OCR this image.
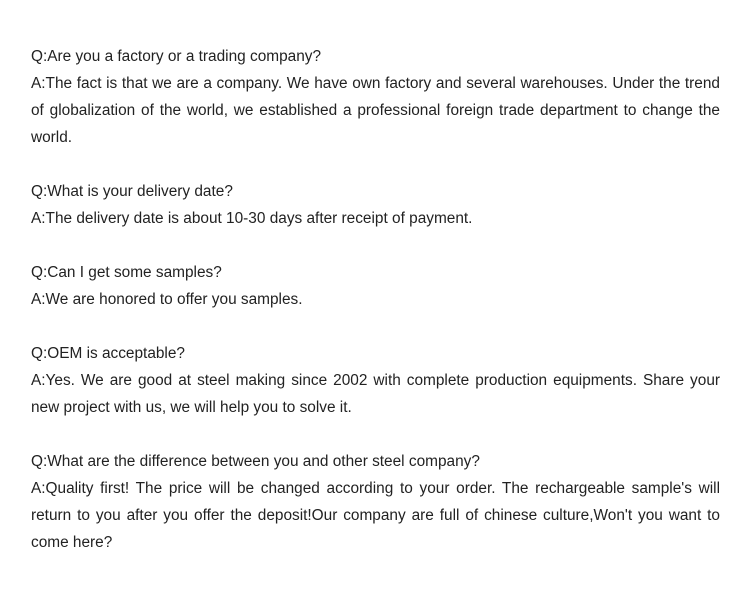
Q:Are you a factory or a trading company?

A:The fact is that we are a company. We have own factory and several warehouses. Under the trend of globalization of the world, we established a professional foreign trade department to change the world.

Q:What is your delivery date?

A:The delivery date is about 10-30 days after receipt of payment.

Q:Can I get some samples?

A:We are honored to offer you samples.

Q:OEM is acceptable?

A:Yes. We are good at steel making since 2002 with complete production equipments. Share your new project with us, we will help you to solve it.

Q:What are the difference between you and other steel company?

A:Quality first! The price will be changed according to your order. The rechargeable sample's will return to you after you offer the deposit!Our company are full of chinese culture,Won't you want to come here?
